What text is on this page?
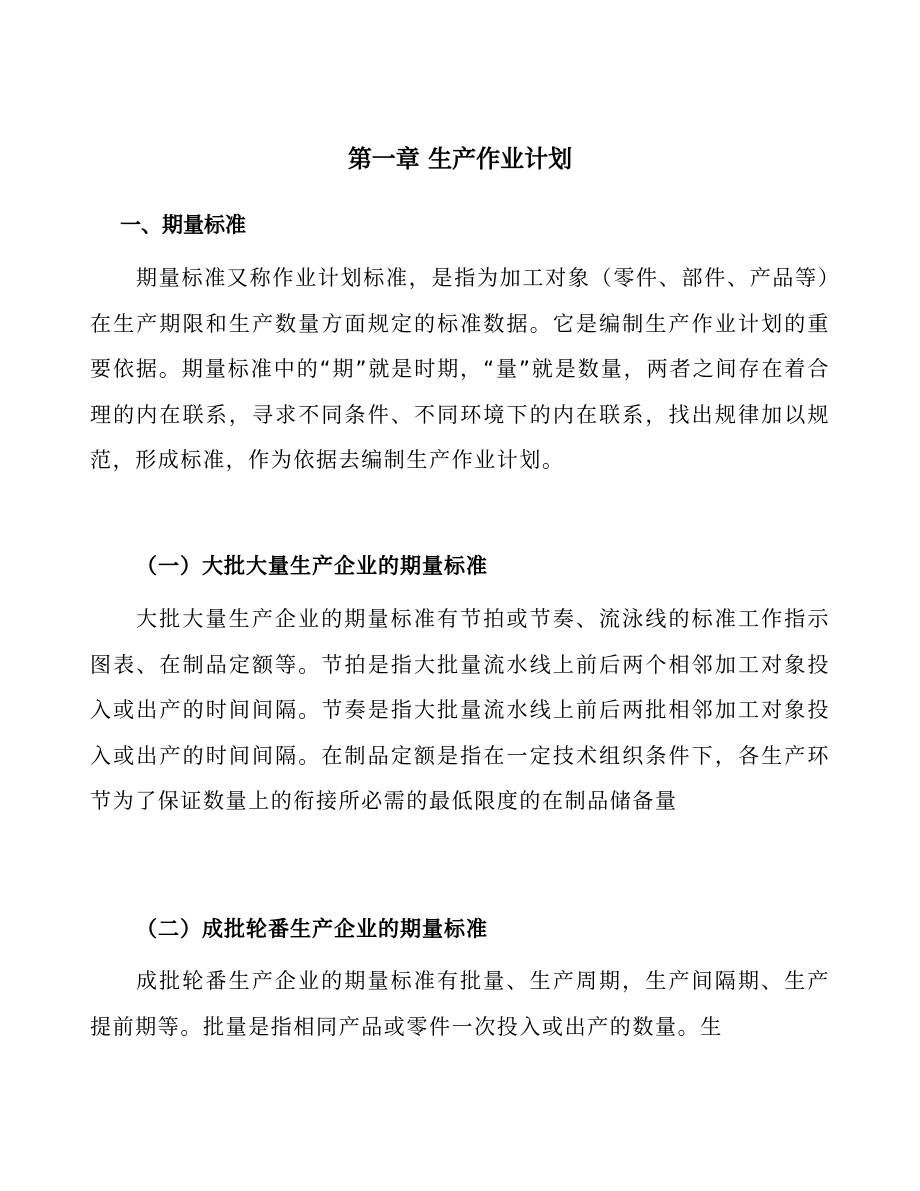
第一章 生产作业计划
一、期量标准

期量标准又称作业计划标准，是指为加工对象（零件、部件、产品等）在生产期限和生产数量方面规定的标准数据。它是编制生产作业计划的重要依据。期量标准中的“期”就是时期，“量”就是数量，两者之间存在着合理的内在联系，寻求不同条件、不同环境下的内在联系，找出规律加以规范，形成标准，作为依据去编制生产作业计划。

（一）大批大量生产企业的期量标准

大批大量生产企业的期量标准有节拍或节奏、流泳线的标准工作指示图表、在制品定额等。节拍是指大批量流水线上前后两个相邻加工对象投入或出产的时间间隔。节奏是指大批量流水线上前后两批相邻加工对象投入或出产的时间间隔。在制品定额是指在一定技术组织条件下，各生产环节为了保证数量上的衔接所必需的最低限度的在制品储备量

（二）成批轮番生产企业的期量标准

成批轮番生产企业的期量标准有批量、生产周期，生产间隔期、生产提前期等。批量是指相同产品或零件一次投入或出产的数量。生
